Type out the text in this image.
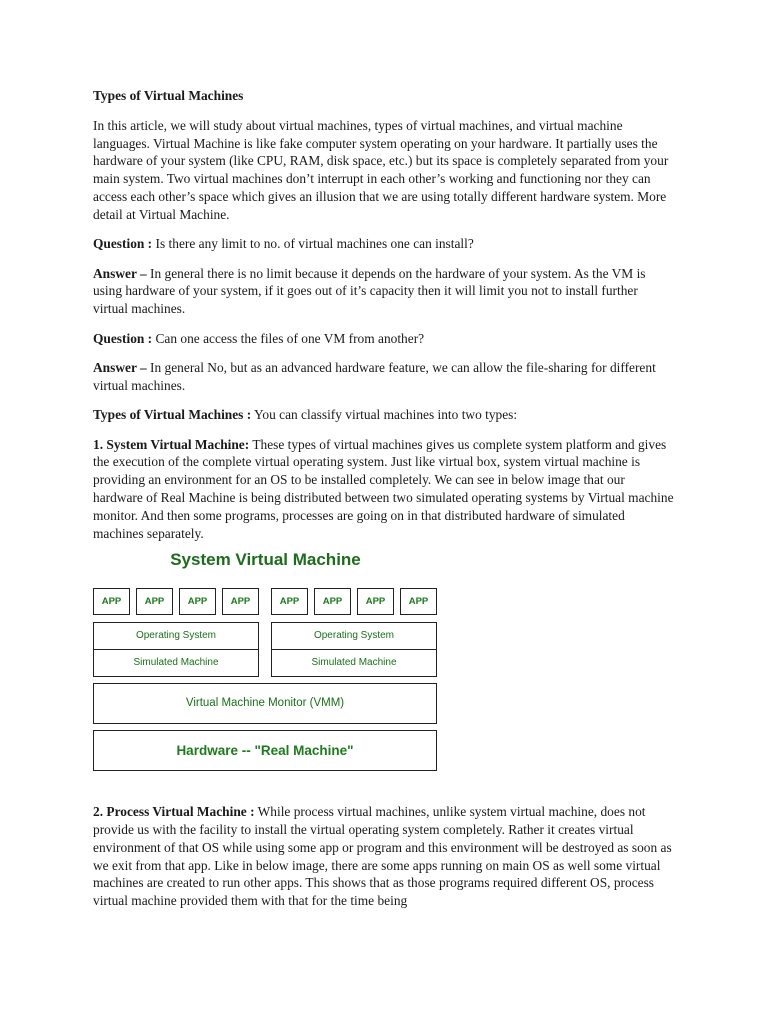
Types of Virtual Machines

In this article, we will study about virtual machines, types of virtual machines, and virtual machine languages. Virtual Machine is like fake computer system operating on your hardware. It partially uses the hardware of your system (like CPU, RAM, disk space, etc.) but its space is completely separated from your main system. Two virtual machines don’t interrupt in each other’s working and functioning nor they can access each other’s space which gives an illusion that we are using totally different hardware system. More detail at Virtual Machine.

Question : Is there any limit to no. of virtual machines one can install?

Answer – In general there is no limit because it depends on the hardware of your system. As the VM is using hardware of your system, if it goes out of it’s capacity then it will limit you not to install further virtual machines.

Question : Can one access the files of one VM from another?

Answer – In general No, but as an advanced hardware feature, we can allow the file-sharing for different virtual machines.

Types of Virtual Machines : You can classify virtual machines into two types:

1. System Virtual Machine: These types of virtual machines gives us complete system platform and gives the execution of the complete virtual operating system. Just like virtual box, system virtual machine is providing an environment for an OS to be installed completely. We can see in below image that our hardware of Real Machine is being distributed between two simulated operating systems by Virtual machine monitor. And then some programs, processes are going on in that distributed hardware of simulated machines separately.

System Virtual Machine
APP	APP	APP	APP	APP	APP	APP	APP
Operating System
Simulated Machine
Operating System
Simulated Machine
Virtual Machine Monitor (VMM)
Hardware -- "Real Machine"

2. Process Virtual Machine : While process virtual machines, unlike system virtual machine, does not provide us with the facility to install the virtual operating system completely. Rather it creates virtual environment of that OS while using some app or program and this environment will be destroyed as soon as we exit from that app. Like in below image, there are some apps running on main OS as well some virtual machines are created to run other apps. This shows that as those programs required different OS, process virtual machine provided them with that for the time being
